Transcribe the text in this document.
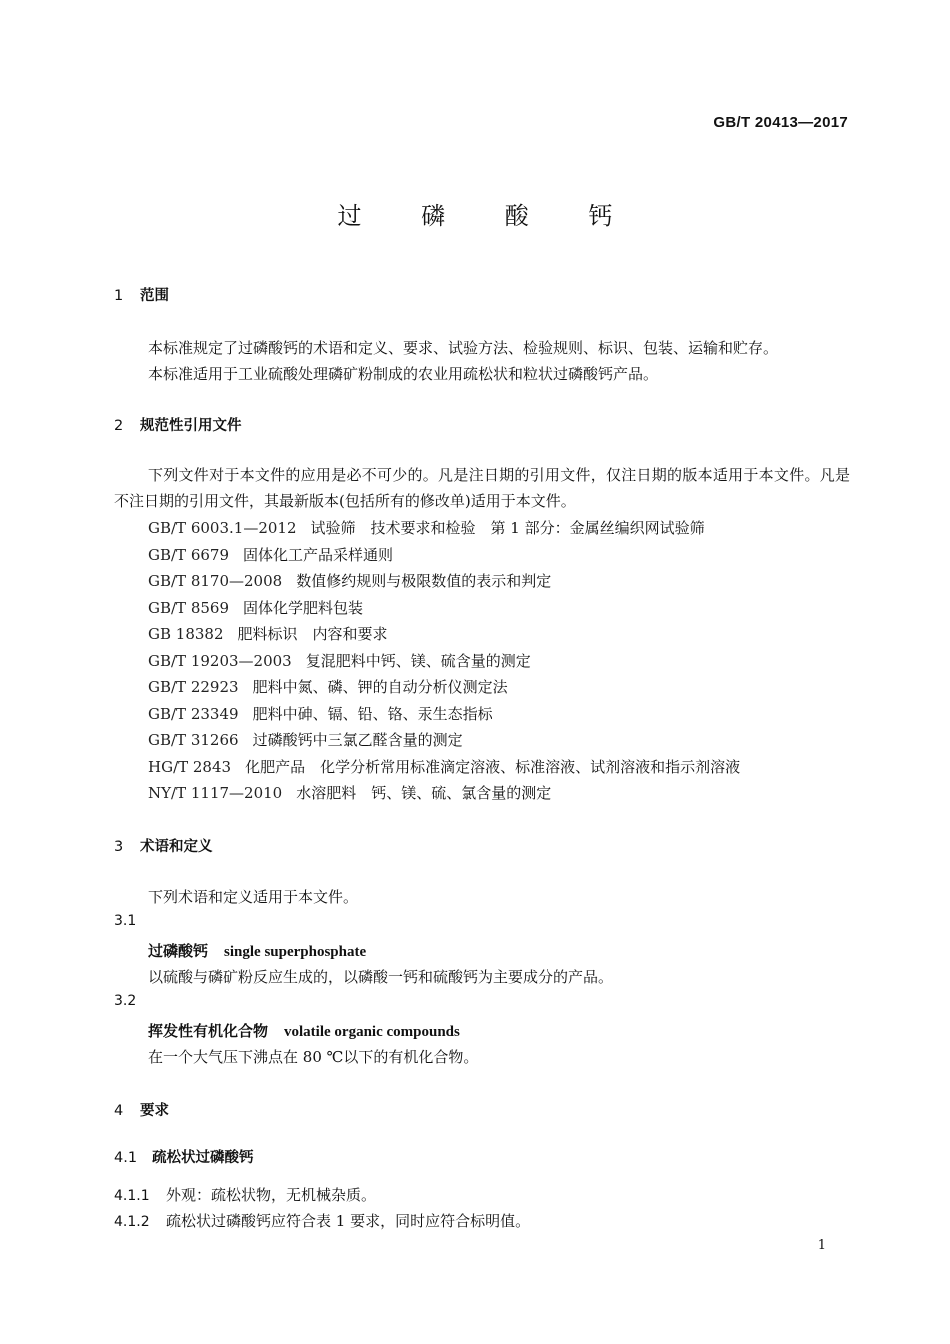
GB/T 20413—2017
过 磷 酸 钙
1 范围
本标准规定了过磷酸钙的术语和定义、要求、试验方法、检验规则、标识、包装、运输和贮存。
本标准适用于工业硫酸处理磷矿粉制成的农业用疏松状和粒状过磷酸钙产品。
2 规范性引用文件
下列文件对于本文件的应用是必不可少的。凡是注日期的引用文件，仅注日期的版本适用于本文件。凡是不注日期的引用文件，其最新版本(包括所有的修改单)适用于本文件。
GB/T 6003.1—2012 试验筛　技术要求和检验　第 1 部分：金属丝编织网试验筛
GB/T 6679 固体化工产品采样通则
GB/T 8170—2008 数值修约规则与极限数值的表示和判定
GB/T 8569 固体化学肥料包装
GB 18382 肥料标识　内容和要求
GB/T 19203—2003 复混肥料中钙、镁、硫含量的测定
GB/T 22923 肥料中氮、磷、钾的自动分析仪测定法
GB/T 23349 肥料中砷、镉、铅、铬、汞生态指标
GB/T 31266 过磷酸钙中三氯乙醛含量的测定
HG/T 2843 化肥产品　化学分析常用标准滴定溶液、标准溶液、试剂溶液和指示剂溶液
NY/T 1117—2010 水溶肥料　钙、镁、硫、氯含量的测定
3 术语和定义
下列术语和定义适用于本文件。
3.1
过磷酸钙 single superphosphate
以硫酸与磷矿粉反应生成的，以磷酸一钙和硫酸钙为主要成分的产品。
3.2
挥发性有机化合物 volatile organic compounds
在一个大气压下沸点在 80 ℃以下的有机化合物。
4 要求
4.1 疏松状过磷酸钙
4.1.1 外观：疏松状物，无机械杂质。
4.1.2 疏松状过磷酸钙应符合表 1 要求，同时应符合标明值。
1
